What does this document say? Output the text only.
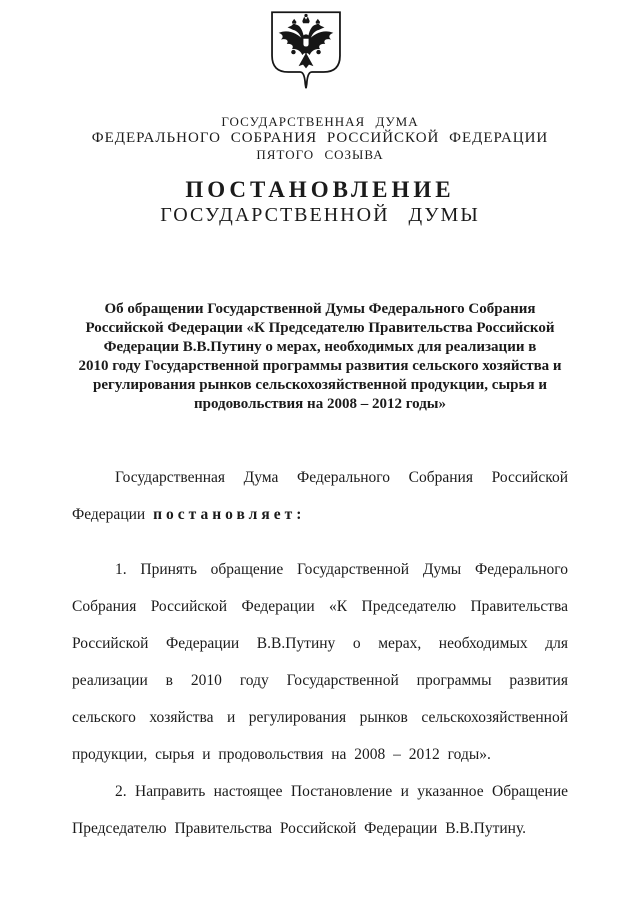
ГОСУДАРСТВЕННАЯ ДУМА
ФЕДЕРАЛЬНОГО СОБРАНИЯ РОССИЙСКОЙ ФЕДЕРАЦИИ
ПЯТОГО СОЗЫВА
ПОСТАНОВЛЕНИЕ
ГОСУДАРСТВЕННОЙ ДУМЫ
Об обращении Государственной Думы Федерального Собрания
Российской Федерации «К Председателю Правительства Российской
Федерации В.В.Путину о мерах, необходимых для реализации в
2010 году Государственной программы развития сельского хозяйства и
регулирования рынков сельскохозяйственной продукции, сырья и
продовольствия на 2008 – 2012 годы»

Государственная Дума Федерального Собрания Российской Федерации постановляет:

1. Принять обращение Государственной Думы Федерального Собрания Российской Федерации «К Председателю Правительства Российской Федерации В.В.Путину о мерах, необходимых для реализации в 2010 году Государственной программы развития сельского хозяйства и регулирования рынков сельскохозяйственной продукции, сырья и продовольствия на 2008 – 2012 годы».

2. Направить настоящее Постановление и указанное Обращение Председателю Правительства Российской Федерации В.В.Путину.
